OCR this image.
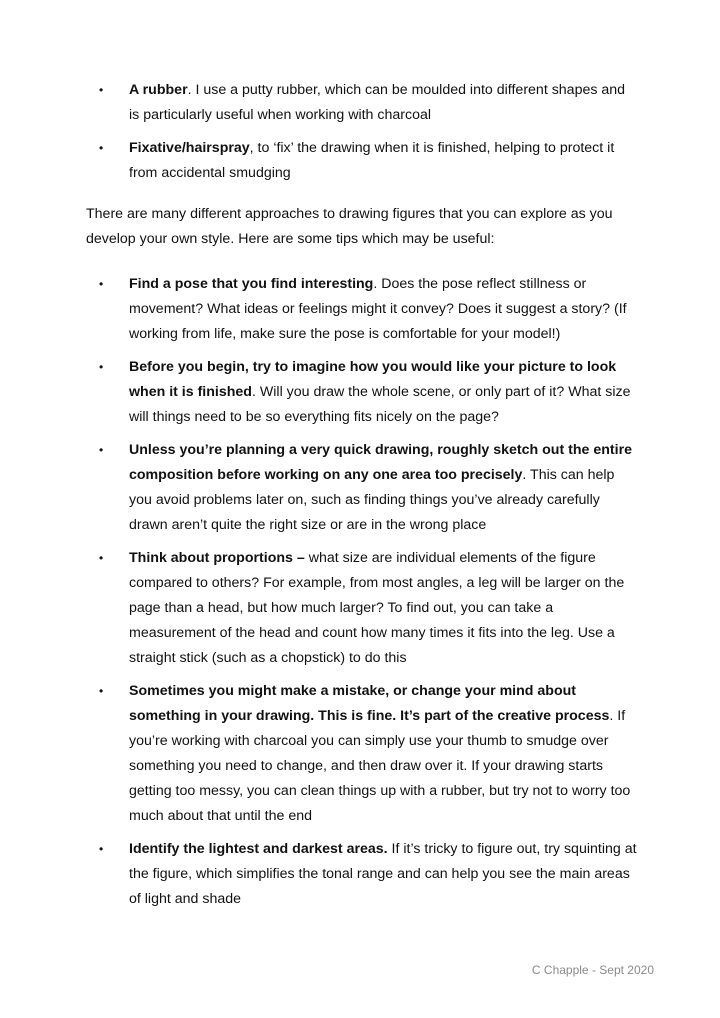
• A rubber. I use a putty rubber, which can be moulded into different shapes and is particularly useful when working with charcoal
• Fixative/hairspray, to ‘fix’ the drawing when it is finished, helping to protect it from accidental smudging

There are many different approaches to drawing figures that you can explore as you develop your own style. Here are some tips which may be useful:

• Find a pose that you find interesting. Does the pose reflect stillness or movement? What ideas or feelings might it convey? Does it suggest a story? (If working from life, make sure the pose is comfortable for your model!)
• Before you begin, try to imagine how you would like your picture to look when it is finished. Will you draw the whole scene, or only part of it? What size will things need to be so everything fits nicely on the page?
• Unless you’re planning a very quick drawing, roughly sketch out the entire composition before working on any one area too precisely. This can help you avoid problems later on, such as finding things you’ve already carefully drawn aren’t quite the right size or are in the wrong place
• Think about proportions – what size are individual elements of the figure compared to others? For example, from most angles, a leg will be larger on the page than a head, but how much larger? To find out, you can take a measurement of the head and count how many times it fits into the leg. Use a straight stick (such as a chopstick) to do this
• Sometimes you might make a mistake, or change your mind about something in your drawing. This is fine. It’s part of the creative process. If you’re working with charcoal you can simply use your thumb to smudge over something you need to change, and then draw over it. If your drawing starts getting too messy, you can clean things up with a rubber, but try not to worry too much about that until the end
• Identify the lightest and darkest areas. If it’s tricky to figure out, try squinting at the figure, which simplifies the tonal range and can help you see the main areas of light and shade
C Chapple - Sept 2020
